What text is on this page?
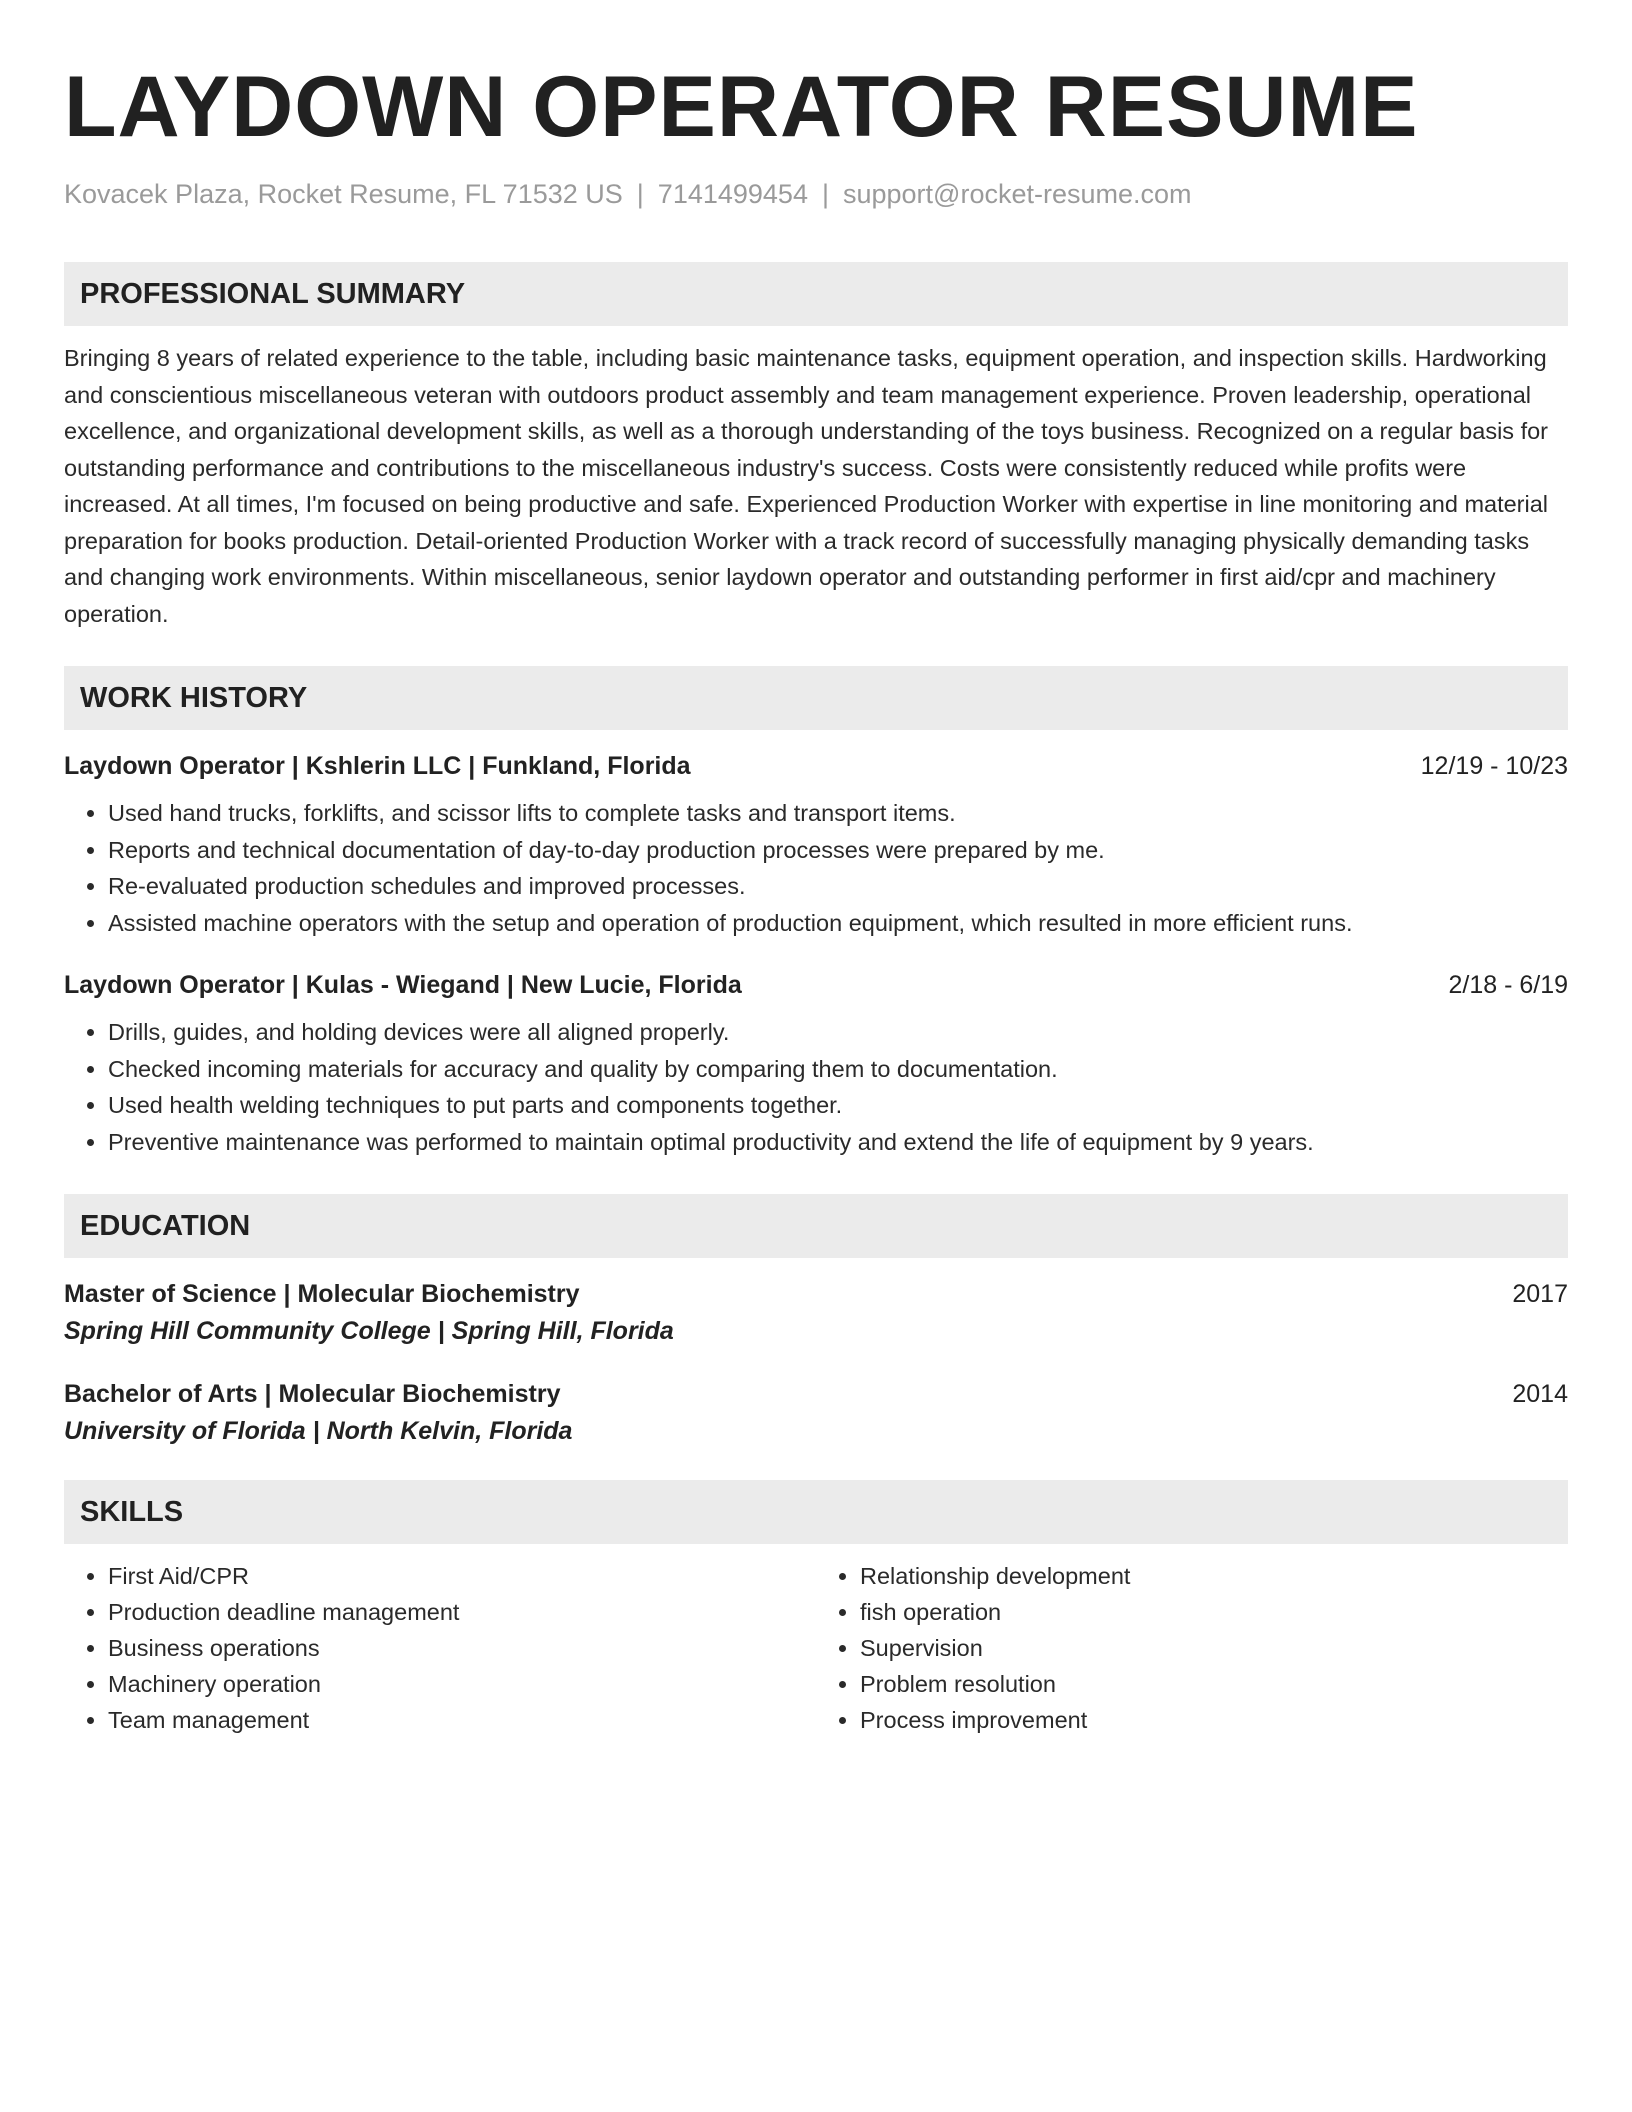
LAYDOWN OPERATOR RESUME
Kovacek Plaza, Rocket Resume, FL 71532 US | 7141499454 | support@rocket-resume.com
PROFESSIONAL SUMMARY
Bringing 8 years of related experience to the table, including basic maintenance tasks, equipment operation, and inspection skills. Hardworking and conscientious miscellaneous veteran with outdoors product assembly and team management experience. Proven leadership, operational excellence, and organizational development skills, as well as a thorough understanding of the toys business. Recognized on a regular basis for outstanding performance and contributions to the miscellaneous industry's success. Costs were consistently reduced while profits were increased. At all times, I'm focused on being productive and safe. Experienced Production Worker with expertise in line monitoring and material preparation for books production. Detail-oriented Production Worker with a track record of successfully managing physically demanding tasks and changing work environments. Within miscellaneous, senior laydown operator and outstanding performer in first aid/cpr and machinery operation.
WORK HISTORY
Laydown Operator | Kshlerin LLC | Funkland, Florida	12/19 - 10/23
• Used hand trucks, forklifts, and scissor lifts to complete tasks and transport items.
• Reports and technical documentation of day-to-day production processes were prepared by me.
• Re-evaluated production schedules and improved processes.
• Assisted machine operators with the setup and operation of production equipment, which resulted in more efficient runs.
Laydown Operator | Kulas - Wiegand | New Lucie, Florida	2/18 - 6/19
• Drills, guides, and holding devices were all aligned properly.
• Checked incoming materials for accuracy and quality by comparing them to documentation.
• Used health welding techniques to put parts and components together.
• Preventive maintenance was performed to maintain optimal productivity and extend the life of equipment by 9 years.
EDUCATION
Master of Science | Molecular Biochemistry	2017
Spring Hill Community College | Spring Hill, Florida
Bachelor of Arts | Molecular Biochemistry	2014
University of Florida | North Kelvin, Florida
SKILLS
• First Aid/CPR
• Production deadline management
• Business operations
• Machinery operation
• Team management
• Relationship development
• fish operation
• Supervision
• Problem resolution
• Process improvement
